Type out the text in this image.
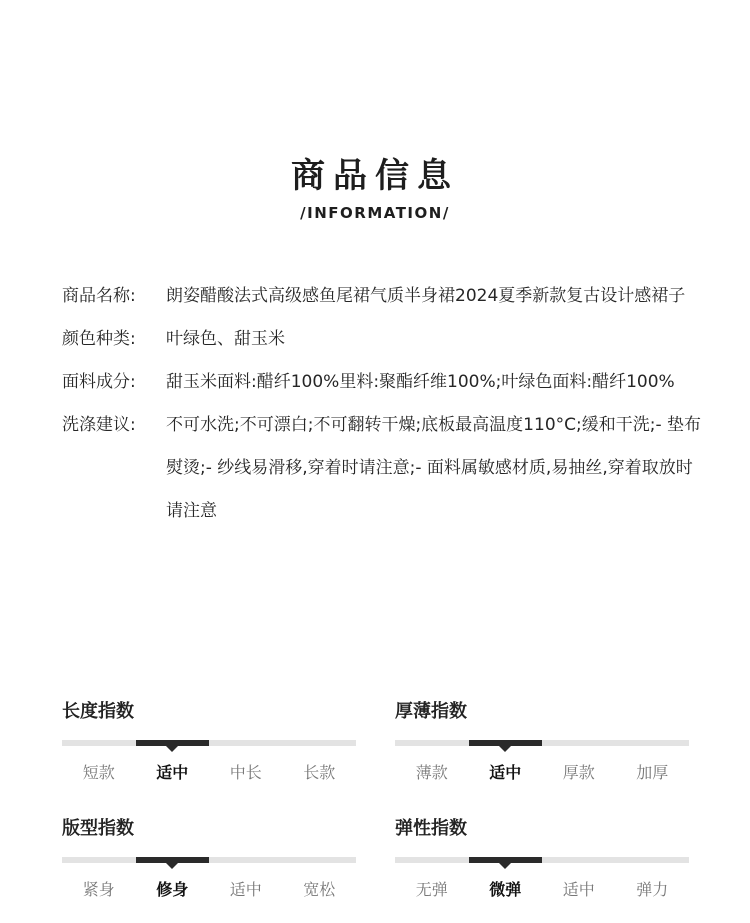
商品信息
/INFORMATION/
商品名称:	朗姿醋酸法式高级感鱼尾裙气质半身裙2024夏季新款复古设计感裙子
颜色种类:	叶绿色、甜玉米
面料成分:	甜玉米面料:醋纤100%里料:聚酯纤维100%;叶绿色面料:醋纤100%
洗涤建议:	不可水洗;不可漂白;不可翻转干燥;底板最高温度110°C;缓和干洗;- 垫布熨烫;- 纱线易滑移,穿着时请注意;- 面料属敏感材质,易抽丝,穿着取放时请注意
长度指数
短款	适中	中长	长款
厚薄指数
薄款	适中	厚款	加厚
版型指数
紧身	修身	适中	宽松
弹性指数
无弹	微弹	适中	弹力
